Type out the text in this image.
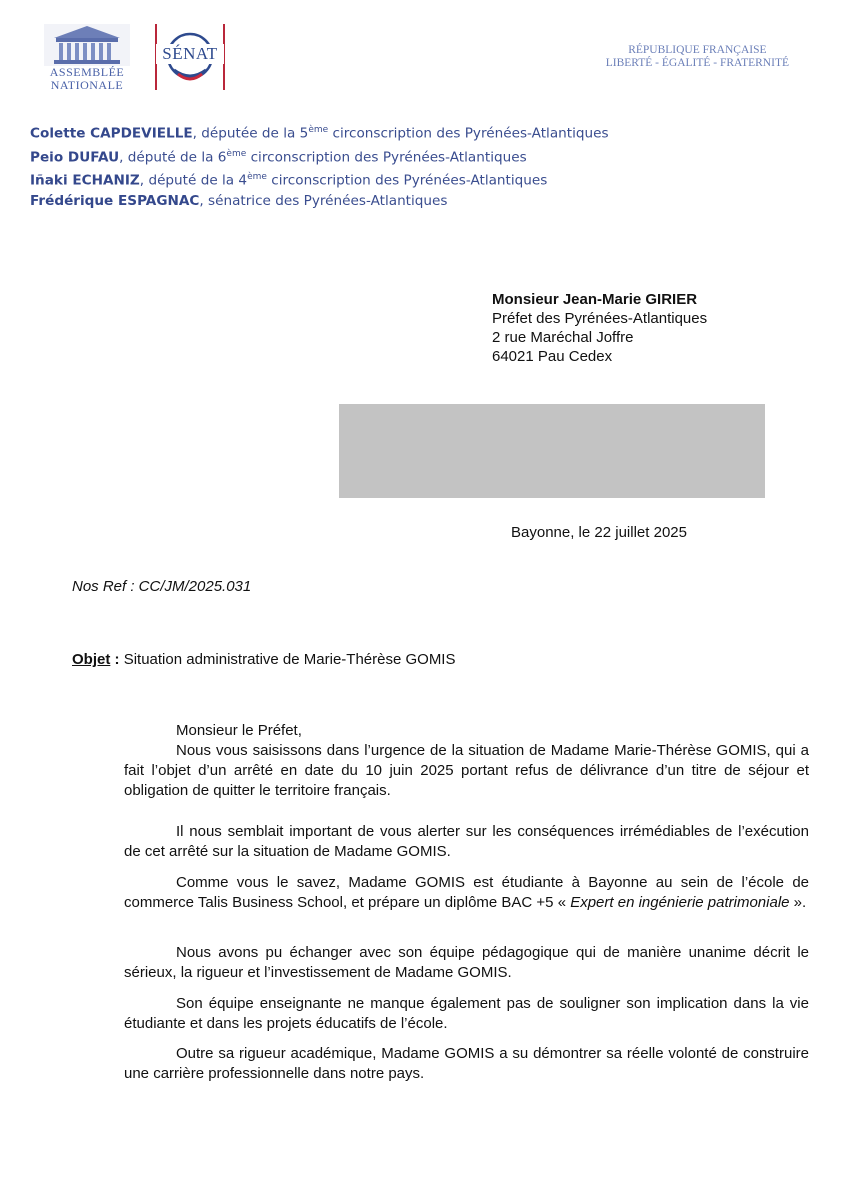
ASSEMBLÉE
NATIONALE
SÉNAT	RÉPUBLIQUE FRANÇAISE
LIBERTÉ - ÉGALITÉ - FRATERNITÉ
Colette CAPDEVIELLE, députée de la 5ème circonscription des Pyrénées-Atlantiques
Peio DUFAU, député de la 6ème circonscription des Pyrénées-Atlantiques
Iñaki ECHANIZ, député de la 4ème circonscription des Pyrénées-Atlantiques
Frédérique ESPAGNAC, sénatrice des Pyrénées-Atlantiques
Monsieur Jean-Marie GIRIER
Préfet des Pyrénées-Atlantiques
2 rue Maréchal Joffre
64021 Pau Cedex
Bayonne, le 22 juillet 2025
Nos Ref : CC/JM/2025.031
Objet : Situation administrative de Marie-Thérèse GOMIS
Monsieur le Préfet,
Nous vous saisissons dans l’urgence de la situation de Madame Marie-Thérèse GOMIS, qui a fait l’objet d’un arrêté en date du 10 juin 2025 portant refus de délivrance d’un titre de séjour et obligation de quitter le territoire français.
Il nous semblait important de vous alerter sur les conséquences irrémédiables de l’exécution de cet arrêté sur la situation de Madame GOMIS.
Comme vous le savez, Madame GOMIS est étudiante à Bayonne au sein de l’école de commerce Talis Business School, et prépare un diplôme BAC +5 « Expert en ingénierie patrimoniale ».
Nous avons pu échanger avec son équipe pédagogique qui de manière unanime décrit le sérieux, la rigueur et l’investissement de Madame GOMIS.
Son équipe enseignante ne manque également pas de souligner son implication dans la vie étudiante et dans les projets éducatifs de l’école.
Outre sa rigueur académique, Madame GOMIS a su démontrer sa réelle volonté de construire une carrière professionnelle dans notre pays.
